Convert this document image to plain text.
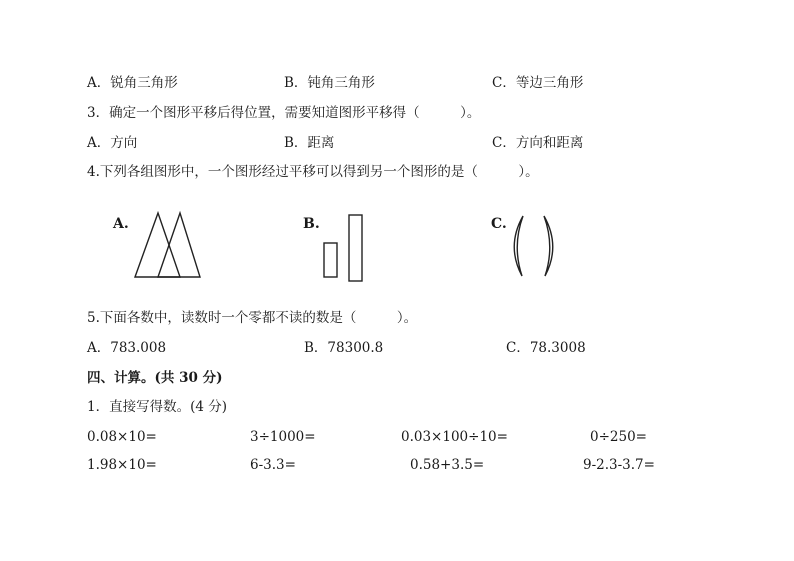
A．锐角三角形	B．钝角三角形	C．等边三角形
3．确定一个图形平移后得位置，需要知道图形平移得（　　　）。
A．方向	B．距离	C．方向和距离
4.下列各组图形中，一个图形经过平移可以得到另一个图形的是（　　　）。
A.	B.	C.
5.下面各数中，读数时一个零都不读的数是（　　　）。
A．783.008	B．78300.8	C．78.3008
四、计算。(共 30 分)
1．直接写得数。(4 分)
0.08×10=	3÷1000=	0.03×100÷10=	0÷250=
1.98×10=	6-3.3=	0.58+3.5=	9-2.3-3.7=
